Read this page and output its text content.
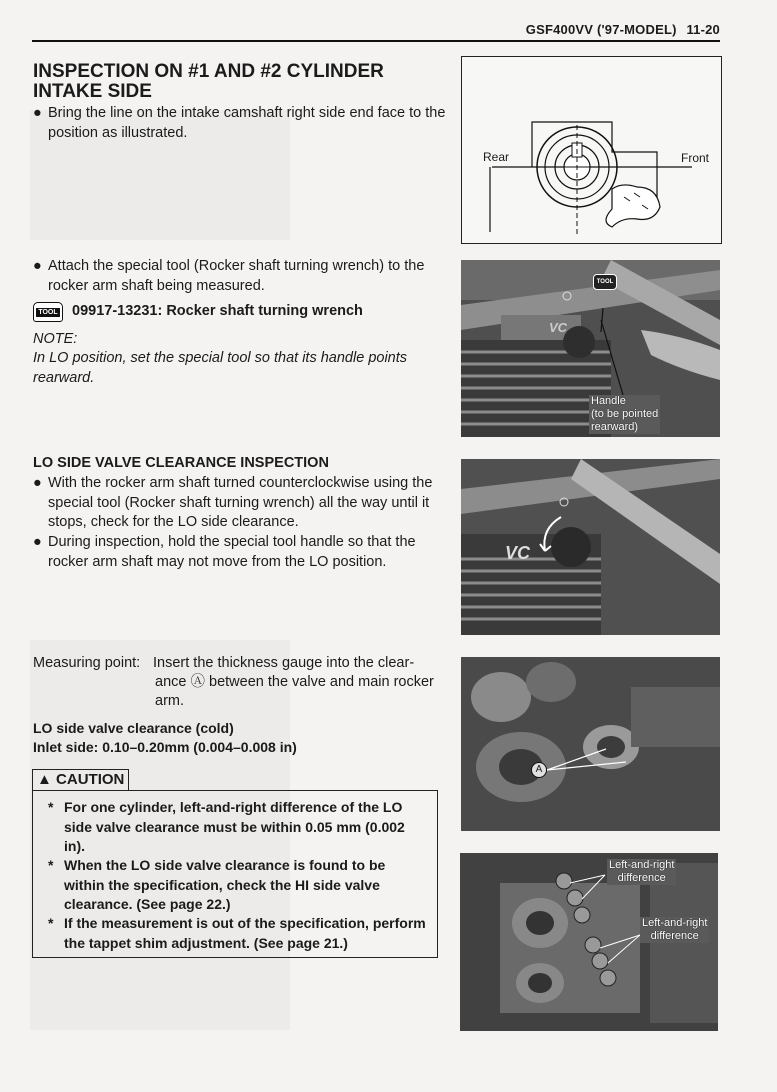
GSF400VV ('97-MODEL) 11-20
INSPECTION ON #1 AND #2 CYLINDER INTAKE SIDE
● Bring the line on the intake camshaft right side end face to the position as illustrated.
Rear	Front
● Attach the special tool (Rocker shaft turning wrench) to the rocker arm shaft being measured.
TOOL 09917-13231: Rocker shaft turning wrench
NOTE:
In LO position, set the special tool so that its handle points rearward.
VC
TOOL
Handle
(to be pointed
rearward)
LO SIDE VALVE CLEARANCE INSPECTION
● With the rocker arm shaft turned counterclockwise using the special tool (Rocker shaft turning wrench) all the way until it stops, check for the LO side clearance.
● During inspection, hold the special tool handle so that the rocker arm shaft may not move from the LO position.	VC
Measuring point: Insert the thickness gauge into the clear-
ance Ⓐ between the valve and main rocker
arm.
LO side valve clearance (cold)
Inlet side: 0.10–0.20mm (0.004–0.008 in)
A
▲ CAUTION
* For one cylinder, left-and-right difference of the LO side valve clearance must be within 0.05 mm (0.002 in).
* When the LO side valve clearance is found to be within the specification, check the HI side valve clearance. (See page 22.)
* If the measurement is out of the specification, perform the tappet shim adjustment. (See page 21.)
Left-and-right
difference
Left-and-right
difference
